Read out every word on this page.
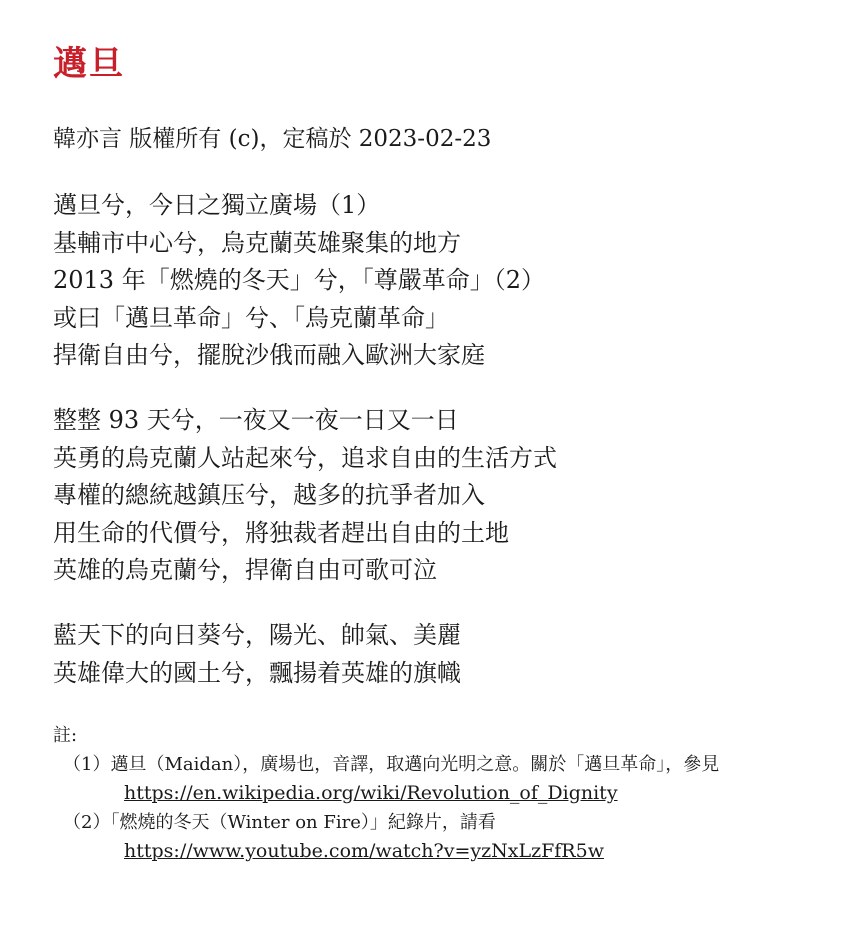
邁旦
韓亦言 版權所有 (c)，定稿於 2023-02-23
邁旦兮，今日之獨立廣場（1）
基輔市中心兮，烏克蘭英雄聚集的地方
2013 年「燃燒的冬天」兮，「尊嚴革命」（2）
或曰「邁旦革命」兮、「烏克蘭革命」
捍衛自由兮，擺脫沙俄而融入歐洲大家庭
整整 93 天兮，一夜又一夜一日又一日
英勇的烏克蘭人站起來兮，追求自由的生活方式
專權的總統越鎮压兮，越多的抗爭者加入
用生命的代價兮，將独裁者趕出自由的土地
英雄的烏克蘭兮，捍衛自由可歌可泣
藍天下的向日葵兮，陽光、帥氣、美麗
英雄偉大的國土兮，飄揚着英雄的旗幟
註:
（1）邁旦（Maidan），廣場也，音譯，取邁向光明之意。關於「邁旦革命」，參見
https://en.wikipedia.org/wiki/Revolution_of_Dignity
（2）「燃燒的冬天（Winter on Fire）」紀錄片，請看
https://www.youtube.com/watch?v=yzNxLzFfR5w
